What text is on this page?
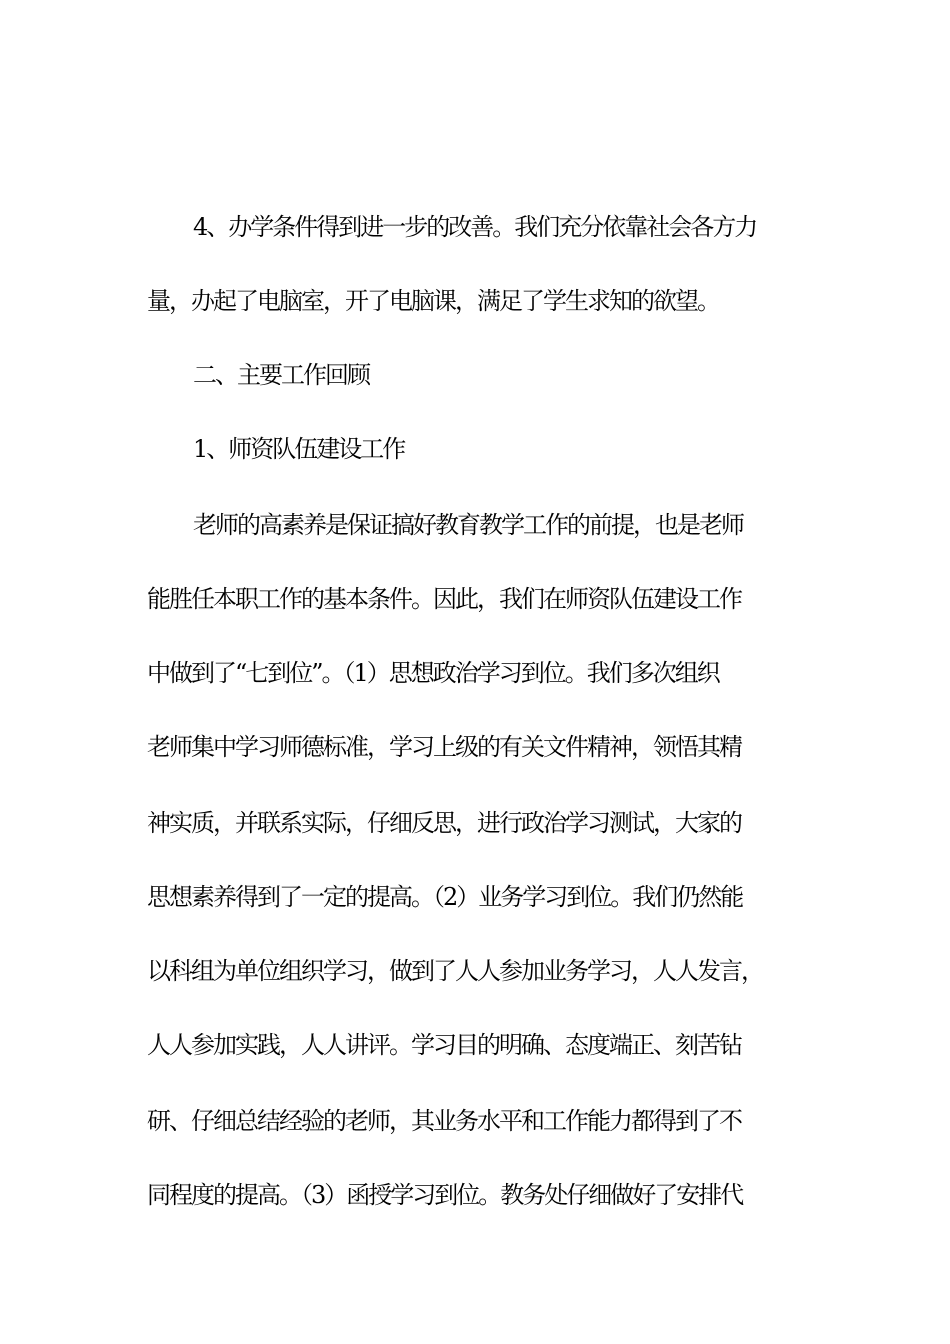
4、办学条件得到进一步的改善。我们充分依靠社会各方力
量，办起了电脑室，开了电脑课，满足了学生求知的欲望。
二、主要工作回顾
1、师资队伍建设工作
老师的高素养是保证搞好教育教学工作的前提，也是老师
能胜任本职工作的基本条件。因此，我们在师资队伍建设工作
中做到了“七到位”。（1）思想政治学习到位。我们多次组织
老师集中学习师德标准，学习上级的有关文件精神，领悟其精
神实质，并联系实际，仔细反思，进行政治学习测试，大家的
思想素养得到了一定的提高。（2）业务学习到位。我们仍然能
以科组为单位组织学习，做到了人人参加业务学习，人人发言，
人人参加实践，人人讲评。学习目的明确、态度端正、刻苦钻
研、仔细总结经验的老师，其业务水平和工作能力都得到了不
同程度的提高。（3）函授学习到位。教务处仔细做好了安排代
